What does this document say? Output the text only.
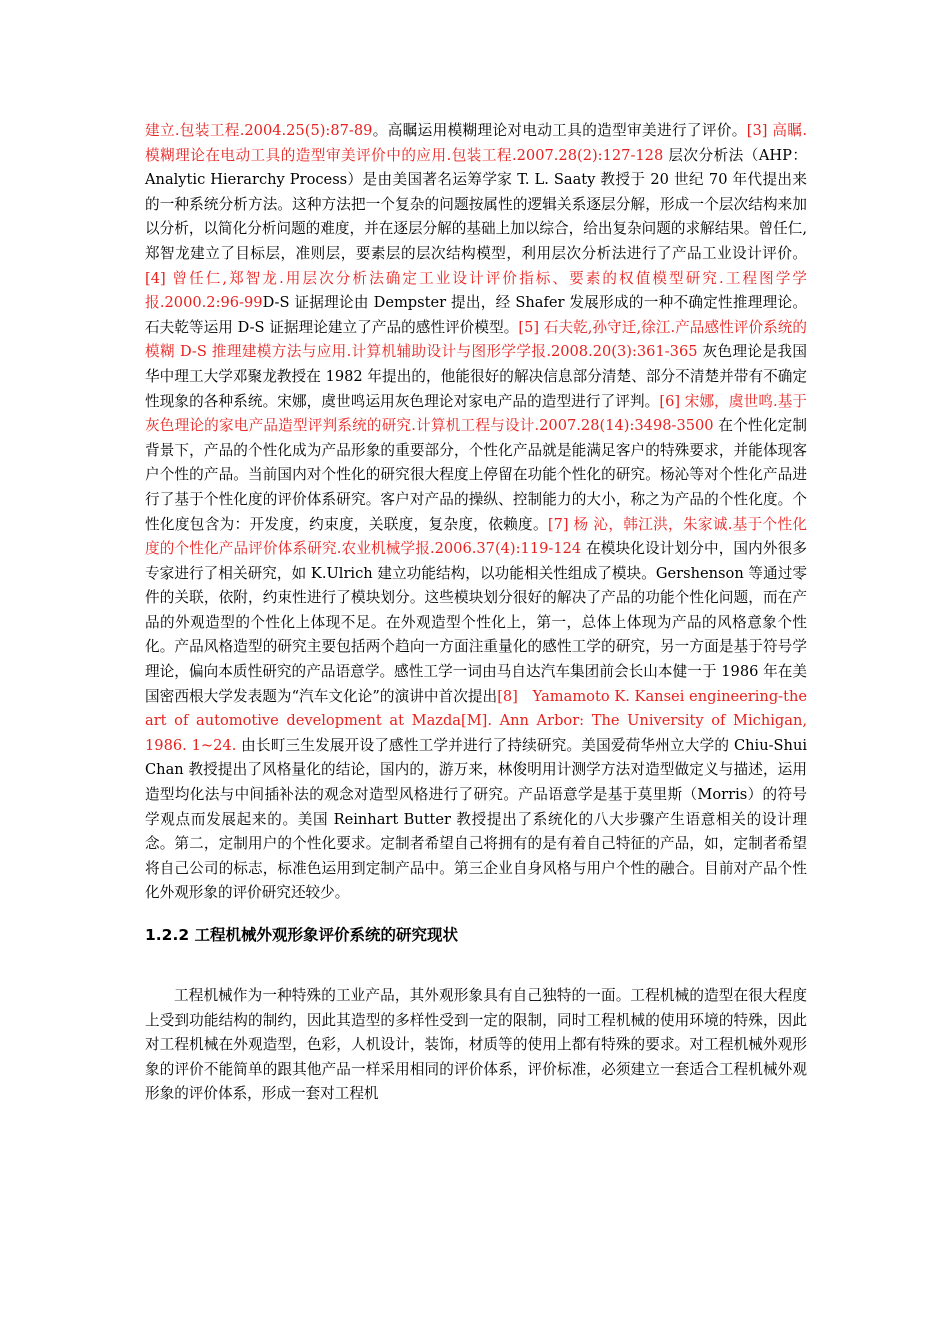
建立.包装工程.2004.25(5):87-89。高瞩运用模糊理论对电动工具的造型审美进行了评价。[3] 高瞩.模糊理论在电动工具的造型审美评价中的应用.包装工程.2007.28(2):127-128 层次分析法（AHP：Analytic Hierarchy Process）是由美国著名运筹学家 T. L. Saaty 教授于 20 世纪 70 年代提出来的一种系统分析方法。这种方法把一个复杂的问题按属性的逻辑关系逐层分解，形成一个层次结构来加以分析，以简化分析问题的难度，并在逐层分解的基础上加以综合，给出复杂问题的求解结果。曾任仁,郑智龙建立了目标层，准则层，要素层的层次结构模型，利用层次分析法进行了产品工业设计评价。[4] 曾任仁,郑智龙.用层次分析法确定工业设计评价指标、要素的权值模型研究.工程图学学报.2000.2:96-99D-S 证据理论由 Dempster 提出，经 Shafer 发展形成的一种不确定性推理理论。石夫乾等运用 D-S 证据理论建立了产品的感性评价模型。[5] 石夫乾,孙守迁,徐江.产品感性评价系统的模糊 D-S 推理建模方法与应用.计算机辅助设计与图形学学报.2008.20(3):361-365 灰色理论是我国华中理工大学邓聚龙教授在 1982 年提出的，他能很好的解决信息部分清楚、部分不清楚并带有不确定性现象的各种系统。宋娜，虞世鸣运用灰色理论对家电产品的造型进行了评判。[6] 宋娜，虞世鸣.基于灰色理论的家电产品造型评判系统的研究.计算机工程与设计.2007.28(14):3498-3500 在个性化定制背景下，产品的个性化成为产品形象的重要部分，个性化产品就是能满足客户的特殊要求，并能体现客户个性的产品。当前国内对个性化的研究很大程度上停留在功能个性化的研究。杨沁等对个性化产品进行了基于个性化度的评价体系研究。客户对产品的操纵、控制能力的大小，称之为产品的个性化度。个性化度包含为：开发度，约束度，关联度，复杂度，依赖度。[7] 杨 沁，韩江洪，朱家诚.基于个性化度的个性化产品评价体系研究.农业机械学报.2006.37(4):119-124 在模块化设计划分中，国内外很多专家进行了相关研究，如 K.Ulrich 建立功能结构，以功能相关性组成了模块。Gershenson 等通过零件的关联，依附，约束性进行了模块划分。这些模块划分很好的解决了产品的功能个性化问题，而在产品的外观造型的个性化上体现不足。在外观造型个性化上，第一，总体上体现为产品的风格意象个性化。产品风格造型的研究主要包括两个趋向一方面注重量化的感性工学的研究，另一方面是基于符号学理论，偏向本质性研究的产品语意学。感性工学一词由马自达汽车集团前会长山本健一于 1986 年在美国密西根大学发表题为“汽车文化论”的演讲中首次提出[8]　Yamamoto K. Kansei engineering-the art of automotive development at Mazda[M]. Ann Arbor: The University of Michigan, 1986. 1~24. 由长町三生发展开设了感性工学并进行了持续研究。美国爱荷华州立大学的 Chiu-Shui Chan 教授提出了风格量化的结论，国内的，游万来，林俊明用计测学方法对造型做定义与描述，运用造型均化法与中间插补法的观念对造型风格进行了研究。产品语意学是基于莫里斯（Morris）的符号学观点而发展起来的。美国 Reinhart Butter 教授提出了系统化的八大步骤产生语意相关的设计理念。第二，定制用户的个性化要求。定制者希望自己将拥有的是有着自己特征的产品，如，定制者希望将自己公司的标志，标准色运用到定制产品中。第三企业自身风格与用户个性的融合。目前对产品个性化外观形象的评价研究还较少。

1.2.2 工程机械外观形象评价系统的研究现状

工程机械作为一种特殊的工业产品，其外观形象具有自己独特的一面。工程机械的造型在很大程度上受到功能结构的制约，因此其造型的多样性受到一定的限制，同时工程机械的使用环境的特殊，因此对工程机械在外观造型，色彩，人机设计，装饰，材质等的使用上都有特殊的要求。对工程机械外观形象的评价不能简单的跟其他产品一样采用相同的评价体系，评价标准，必须建立一套适合工程机械外观形象的评价体系，形成一套对工程机
